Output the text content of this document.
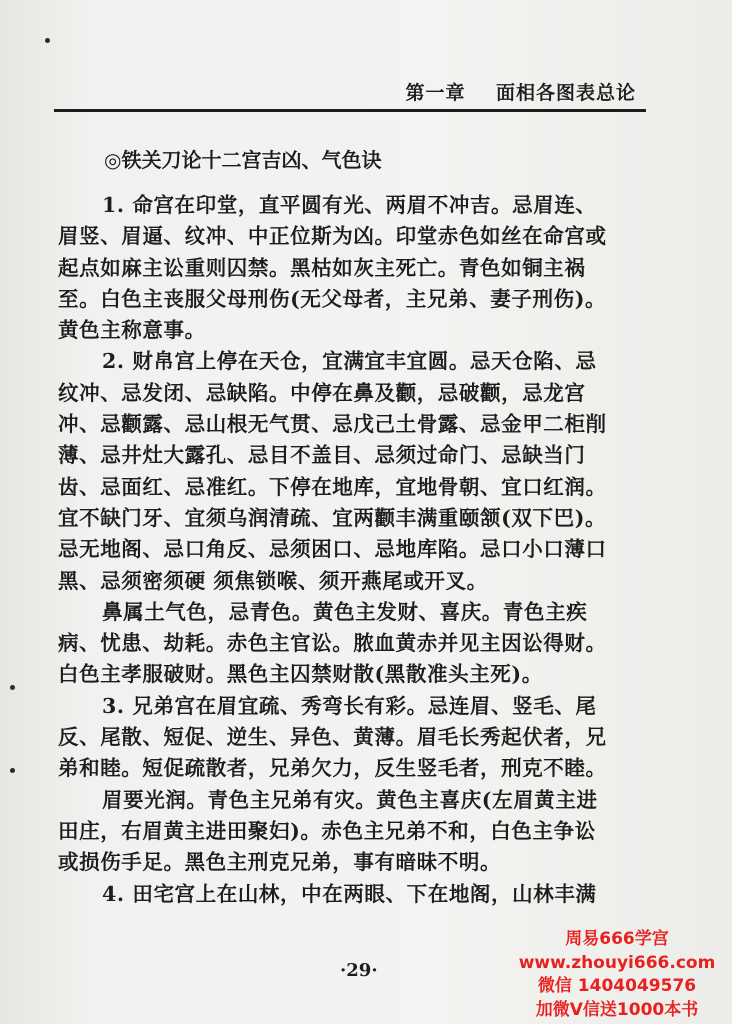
第一章 面相各图表总论
◎铁关刀论十二宫吉凶、气色诀
1. 命宫在印堂，直平圆有光、两眉不冲吉。忌眉连、
眉竖、眉逼、纹冲、中正位斯为凶。印堂赤色如丝在命宫或
起点如麻主讼重则囚禁。黑枯如灰主死亡。青色如铜主祸
至。白色主丧服父母刑伤(无父母者，主兄弟、妻子刑伤)。
黄色主称意事。
2. 财帛宫上停在天仓，宜满宜丰宜圆。忌天仓陷、忌
纹冲、忌发闭、忌缺陷。中停在鼻及颧，忌破颧，忌龙宫
冲、忌颧露、忌山根无气贯、忌戊己土骨露、忌金甲二柜削
薄、忌井灶大露孔、忌目不盖目、忌须过命门、忌缺当门
齿、忌面红、忌准红。下停在地库，宜地骨朝、宜口红润。
宜不缺门牙、宜须乌润清疏、宜两颧丰满重颐颔(双下巴)。
忌无地阁、忌口角反、忌须困口、忌地库陷。忌口小口薄口
黑、忌须密须硬 须焦锁喉、须开燕尾或开叉。
鼻属土气色，忌青色。黄色主发财、喜庆。青色主疾
病、忧患、劫耗。赤色主官讼。脓血黄赤并见主因讼得财。
白色主孝服破财。黑色主囚禁财散(黑散准头主死)。
3. 兄弟宫在眉宜疏、秀弯长有彩。忌连眉、竖毛、尾
反、尾散、短促、逆生、异色、黄薄。眉毛长秀起伏者，兄
弟和睦。短促疏散者，兄弟欠力，反生竖毛者，刑克不睦。
眉要光润。青色主兄弟有灾。黄色主喜庆(左眉黄主进
田庄，右眉黄主进田聚妇)。赤色主兄弟不和，白色主争讼
或损伤手足。黑色主刑克兄弟，事有暗昧不明。
4. 田宅宫上在山林，中在两眼、下在地阁，山林丰满
·29·
周易666学宫
www.zhouyi666.com
微信 1404049576
加微V信送1000本书
